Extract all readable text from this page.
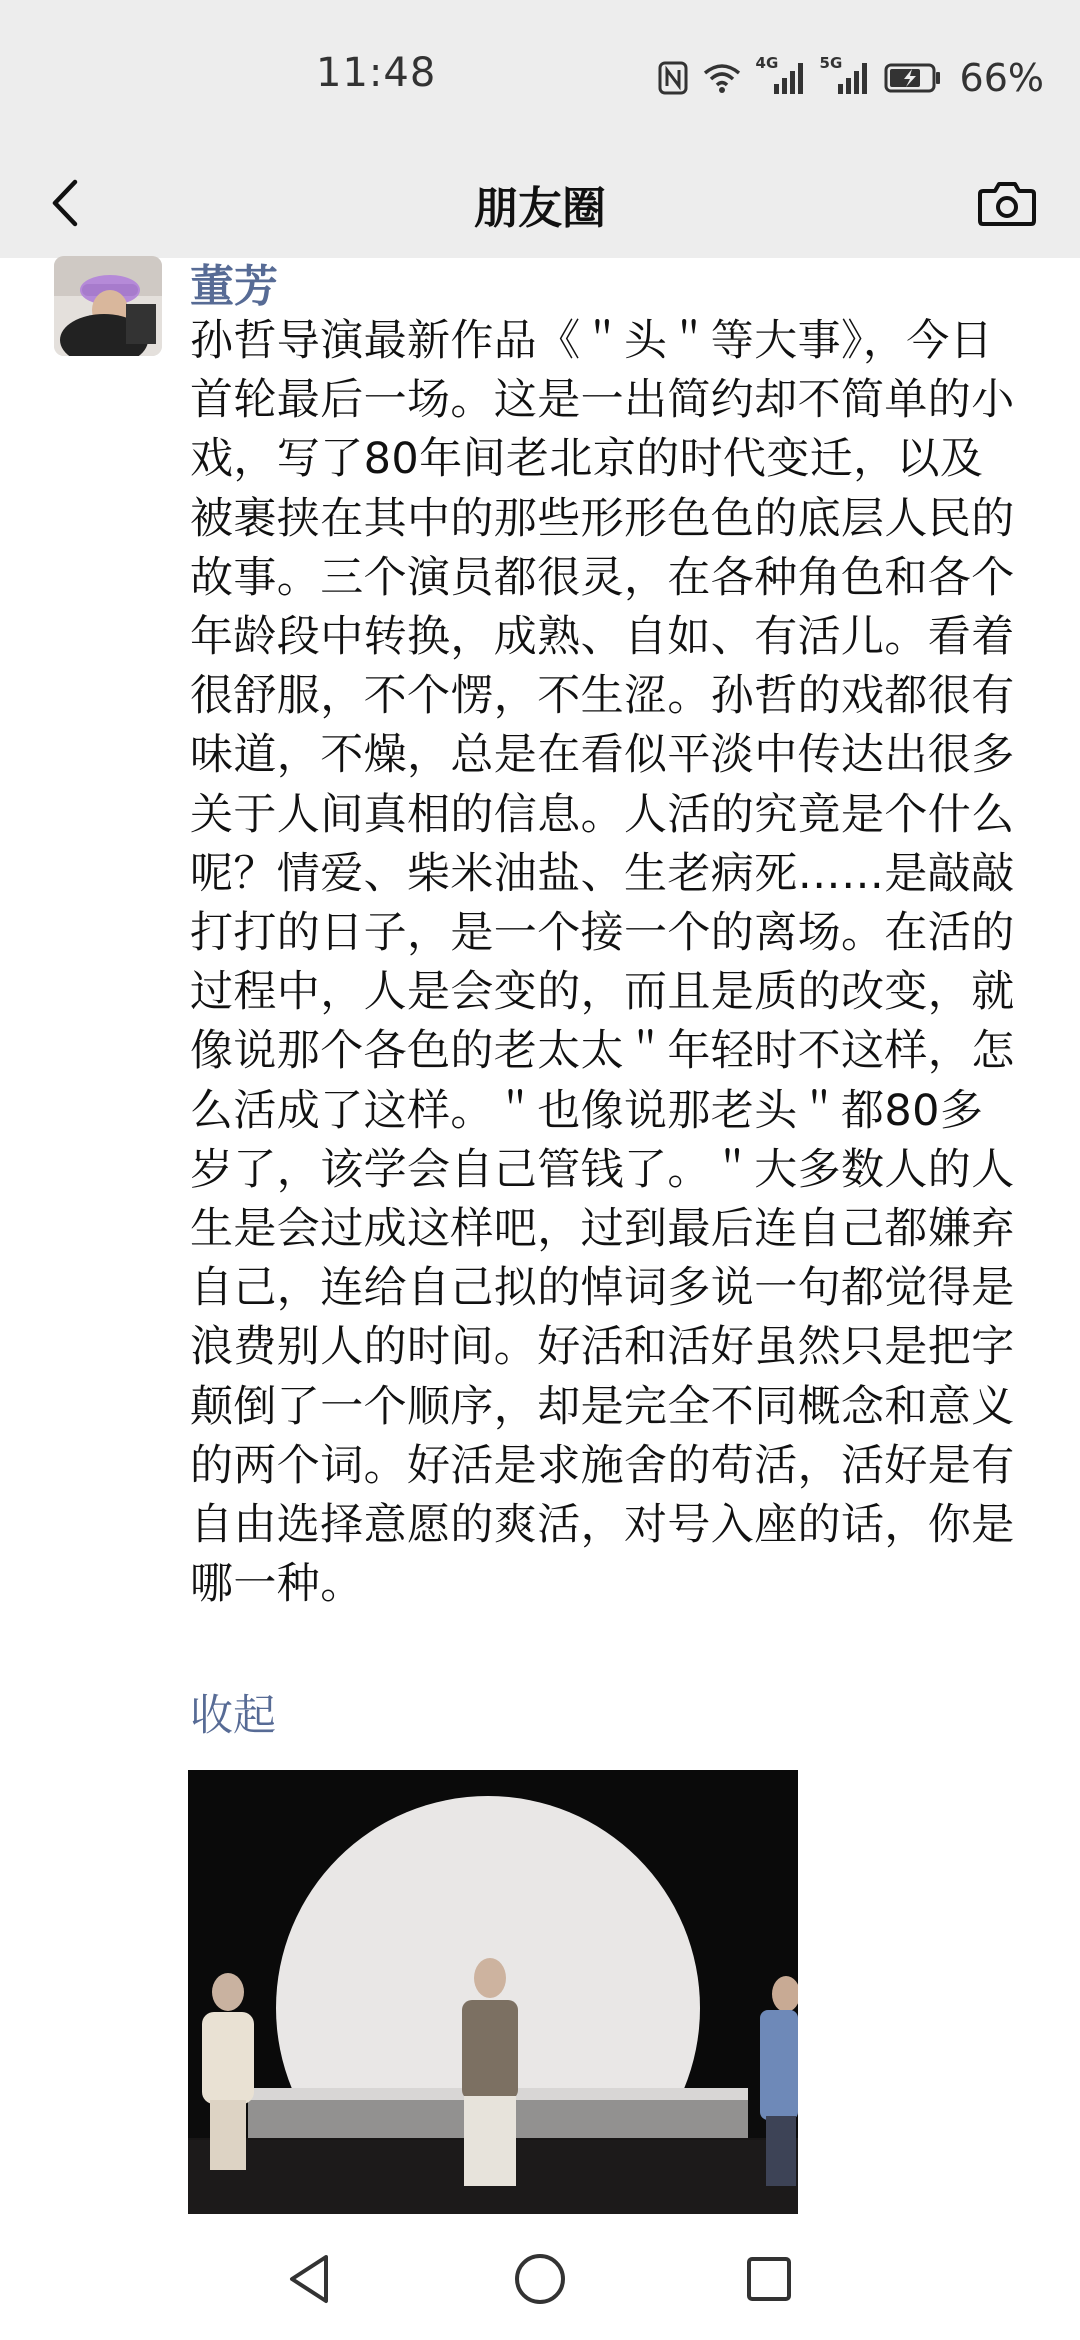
11:48	4G	5G	66%
朋友圈
董芳
孙哲导演最新作品《＂头＂等大事》，今日首轮最后一场。这是一出简约却不简单的小戏，写了80年间老北京的时代变迁，以及被裹挟在其中的那些形形色色的底层人民的故事。三个演员都很灵，在各种角色和各个年龄段中转换，成熟、自如、有活儿。看着很舒服，不个愣，不生涩。孙哲的戏都很有味道，不燥，总是在看似平淡中传达出很多关于人间真相的信息。人活的究竟是个什么呢？情爱、柴米油盐、生老病死……是敲敲打打的日子，是一个接一个的离场。在活的过程中，人是会变的，而且是质的改变，就像说那个各色的老太太＂年轻时不这样，怎么活成了这样。＂也像说那老头＂都80多岁了，该学会自己管钱了。＂大多数人的人生是会过成这样吧，过到最后连自己都嫌弃自己，连给自己拟的悼词多说一句都觉得是浪费别人的时间。好活和活好虽然只是把字颠倒了一个顺序，却是完全不同概念和意义的两个词。好活是求施舍的苟活，活好是有自由选择意愿的爽活，对号入座的话，你是哪一种。
收起
